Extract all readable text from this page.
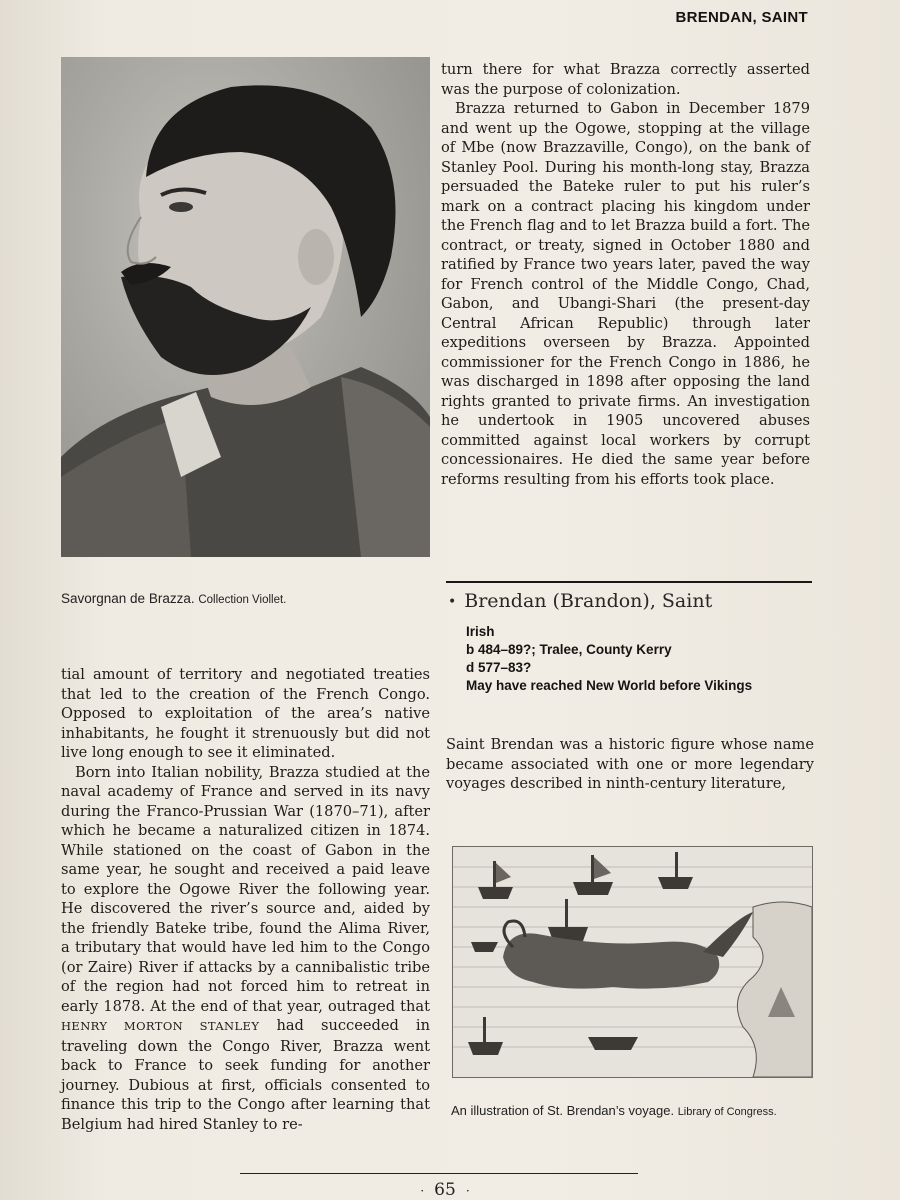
BRENDAN, SAINT
Savorgnan de Brazza. Collection Viollet.

turn there for what Brazza correctly asserted was the purpose of colonization.

Brazza returned to Gabon in December 1879 and went up the Ogowe, stopping at the village of Mbe (now Brazzaville, Congo), on the bank of Stanley Pool. During his month-long stay, Brazza persuaded the Bateke ruler to put his ruler’s mark on a contract placing his kingdom under the French flag and to let Brazza build a fort. The contract, or treaty, signed in October 1880 and ratified by France two years later, paved the way for French control of the Middle Congo, Chad, Gabon, and Ubangi-Shari (the present-day Central African Republic) through later expeditions overseen by Brazza. Appointed commissioner for the French Congo in 1886, he was discharged in 1898 after opposing the land rights granted to private firms. An investigation he undertook in 1905 uncovered abuses committed against local workers by corrupt concessionaires. He died the same year before reforms resulting from his efforts took place.

tial amount of territory and negotiated treaties that led to the creation of the French Congo. Opposed to exploitation of the area’s native inhabitants, he fought it strenuously but did not live long enough to see it eliminated.

Born into Italian nobility, Brazza studied at the naval academy of France and served in its navy during the Franco-Prussian War (1870–71), after which he became a naturalized citizen in 1874. While stationed on the coast of Gabon in the same year, he sought and received a paid leave to explore the Ogowe River the following year. He discovered the river’s source and, aided by the friendly Bateke tribe, found the Alima River, a tributary that would have led him to the Congo (or Zaire) River if attacks by a cannibalistic tribe of the region had not forced him to retreat in early 1878. At the end of that year, outraged that HENRY MORTON STANLEY had succeeded in traveling down the Congo River, Brazza went back to France to seek funding for another journey. Dubious at first, officials consented to finance this trip to the Congo after learning that Belgium had hired Stanley to re-

• Brendan (Brandon), Saint
Irish
b 484–89?; Tralee, County Kerry
d 577–83?
May have reached New World before Vikings

Saint Brendan was a historic figure whose name became associated with one or more legendary voyages described in ninth-century literature,

An illustration of St. Brendan’s voyage. Library of Congress.
· 65 ·
